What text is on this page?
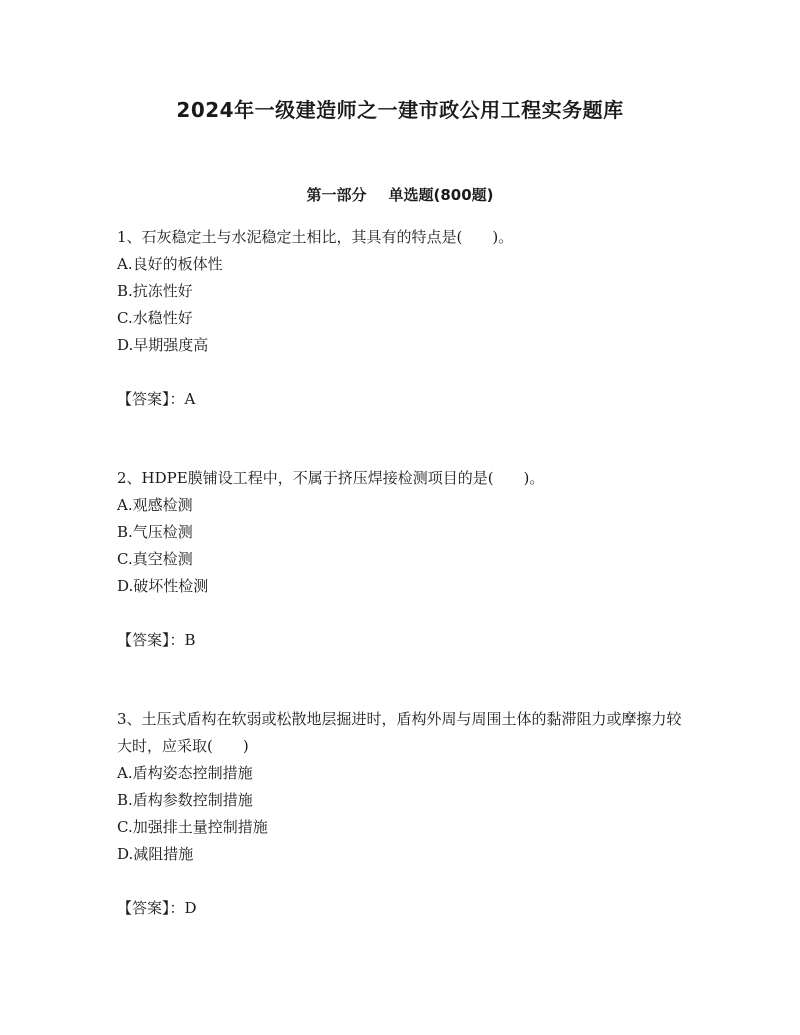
2024年一级建造师之一建市政公用工程实务题库
第一部分 单选题(800题)

1、石灰稳定土与水泥稳定土相比，其具有的特点是(　　)。

A.良好的板体性

B.抗冻性好

C.水稳性好

D.早期强度高

【答案】：A

2、HDPE膜铺设工程中，不属于挤压焊接检测项目的是(　　)。

A.观感检测

B.气压检测

C.真空检测

D.破坏性检测

【答案】：B

3、土压式盾构在软弱或松散地层掘进时，盾构外周与周围土体的黏滞阻力或摩擦力较大时，应采取(　　)

A.盾构姿态控制措施

B.盾构参数控制措施

C.加强排土量控制措施

D.减阻措施

【答案】：D
